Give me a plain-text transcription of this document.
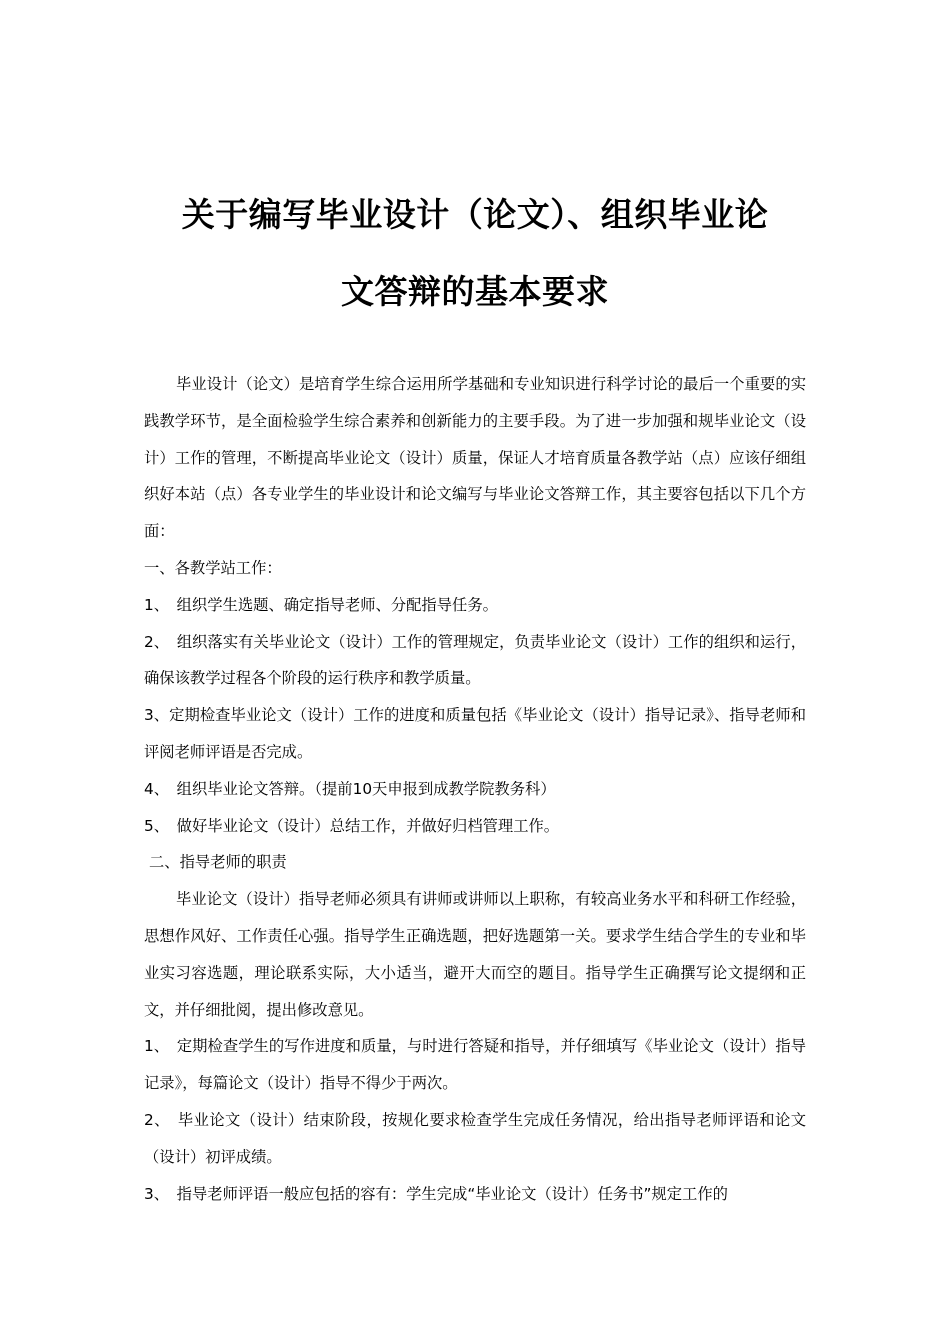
关于编写毕业设计（论文）、组织毕业论
文答辩的基本要求

毕业设计（论文）是培育学生综合运用所学基础和专业知识进行科学讨论的最后一个重要的实践教学环节，是全面检验学生综合素养和创新能力的主要手段。为了进一步加强和规毕业论文（设计）工作的管理，不断提高毕业论文（设计）质量，保证人才培育质量各教学站（点）应该仔细组织好本站（点）各专业学生的毕业设计和论文编写与毕业论文答辩工作，其主要容包括以下几个方面：

一、各教学站工作：

1、　组织学生选题、确定指导老师、分配指导任务。

2、　组织落实有关毕业论文（设计）工作的管理规定，负责毕业论文（设计）工作的组织和运行，确保该教学过程各个阶段的运行秩序和教学质量。

3、定期检查毕业论文（设计）工作的进度和质量包括《毕业论文（设计）指导记录》、指导老师和评阅老师评语是否完成。

4、　组织毕业论文答辩。（提前10天申报到成教学院教务科）

5、　做好毕业论文（设计）总结工作，并做好归档管理工作。

二、指导老师的职责

毕业论文（设计）指导老师必须具有讲师或讲师以上职称，有较高业务水平和科研工作经验，思想作风好、工作责任心强。指导学生正确选题，把好选题第一关。要求学生结合学生的专业和毕业实习容选题，理论联系实际，大小适当，避开大而空的题目。指导学生正确撰写论文提纲和正文，并仔细批阅，提出修改意见。

1、　定期检查学生的写作进度和质量，与时进行答疑和指导，并仔细填写《毕业论文（设计）指导记录》，每篇论文（设计）指导不得少于两次。

2、　毕业论文（设计）结束阶段，按规化要求检查学生完成任务情况，给出指导老师评语和论文（设计）初评成绩。

3、　指导老师评语一般应包括的容有：学生完成“毕业论文（设计）任务书”规定工作的
